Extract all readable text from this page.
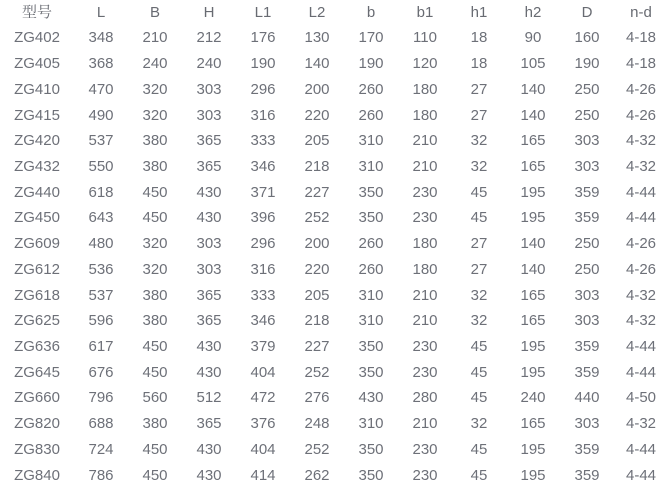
型号	L	B	H	L1	L2	b	b1	h1	h2	D	n-d
ZG402	348	210	212	176	130	170	110	18	90	160	4-18
ZG405	368	240	240	190	140	190	120	18	105	190	4-18
ZG410	470	320	303	296	200	260	180	27	140	250	4-26
ZG415	490	320	303	316	220	260	180	27	140	250	4-26
ZG420	537	380	365	333	205	310	210	32	165	303	4-32
ZG432	550	380	365	346	218	310	210	32	165	303	4-32
ZG440	618	450	430	371	227	350	230	45	195	359	4-44
ZG450	643	450	430	396	252	350	230	45	195	359	4-44
ZG609	480	320	303	296	200	260	180	27	140	250	4-26
ZG612	536	320	303	316	220	260	180	27	140	250	4-26
ZG618	537	380	365	333	205	310	210	32	165	303	4-32
ZG625	596	380	365	346	218	310	210	32	165	303	4-32
ZG636	617	450	430	379	227	350	230	45	195	359	4-44
ZG645	676	450	430	404	252	350	230	45	195	359	4-44
ZG660	796	560	512	472	276	430	280	45	240	440	4-50
ZG820	688	380	365	376	248	310	210	32	165	303	4-32
ZG830	724	450	430	404	252	350	230	45	195	359	4-44
ZG840	786	450	430	414	262	350	230	45	195	359	4-44
